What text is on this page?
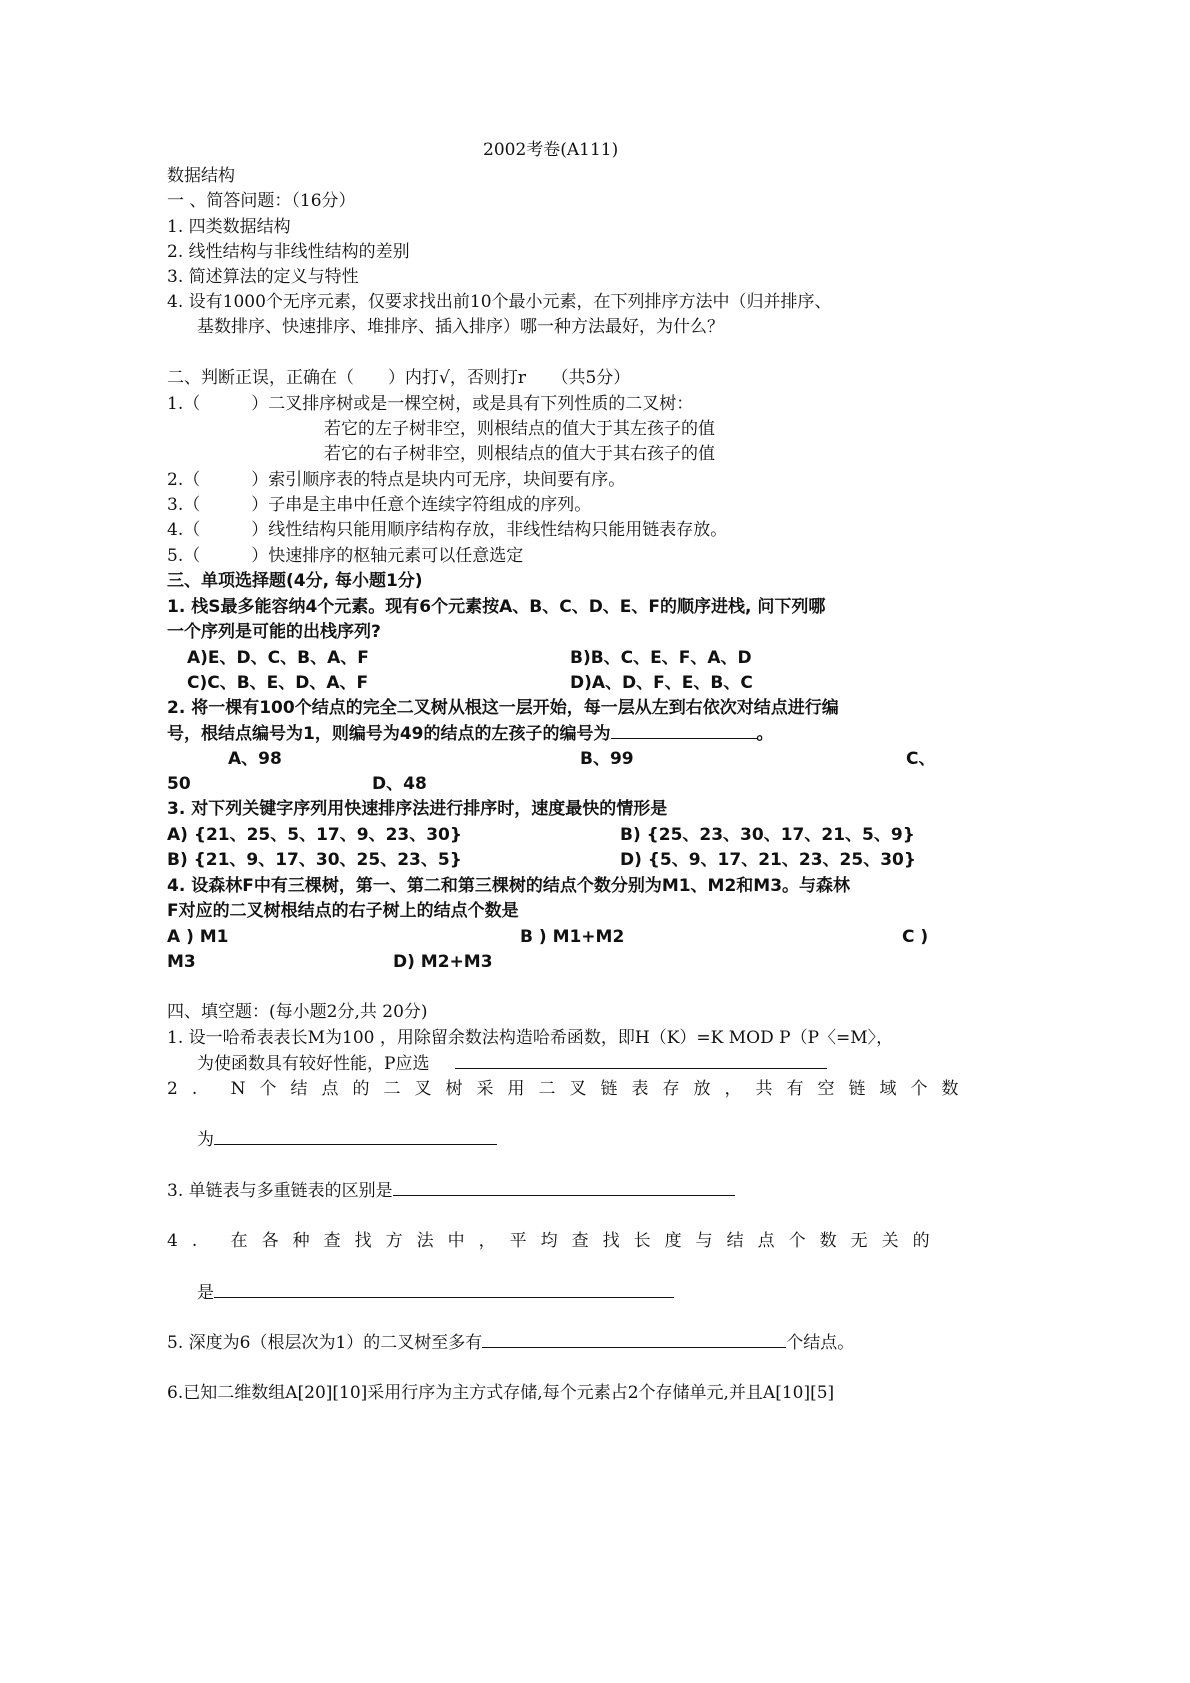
2002考卷(A111)
数据结构
一 、简答问题：（16分）
1. 四类数据结构
2. 线性结构与非线性结构的差别
3. 简述算法的定义与特性
4. 设有1000个无序元素，仅要求找出前10个最小元素，在下列排序方法中（归并排序、
基数排序、快速排序、堆排序、插入排序）哪一种方法最好，为什么？
二、判断正误，正确在（　　）内打√，否则打r　　（共5分）
1.（　　　）二叉排序树或是一棵空树，或是具有下列性质的二叉树：
若它的左子树非空，则根结点的值大于其左孩子的值
若它的右子树非空，则根结点的值大于其右孩子的值
2.（　　　）索引顺序表的特点是块内可无序，块间要有序。
3.（　　　）子串是主串中任意个连续字符组成的序列。
4.（　　　）线性结构只能用顺序结构存放，非线性结构只能用链表存放。
5.（　　　）快速排序的枢轴元素可以任意选定
三、单项选择题(4分, 每小题1分)
1. 栈S最多能容纳4个元素。现有6个元素按A、B、C、D、E、F的顺序进栈, 问下列哪
一个序列是可能的出栈序列?
A)E、D、C、B、A、F	B)B、C、E、F、A、D
C)C、B、E、D、A、F	D)A、D、F、E、B、C
2. 将一棵有100个结点的完全二叉树从根这一层开始，每一层从左到右依次对结点进行编
号，根结点编号为1，则编号为49的结点的左孩子的编号为	。
A、98	B、99	C、
50	D、48
3. 对下列关键字序列用快速排序法进行排序时，速度最快的情形是
A) {21、25、5、17、9、23、30}	B) {25、23、30、17、21、5、9}
B) {21、9、17、30、25、23、5}	D) {5、9、17、21、23、25、30}
4. 设森林F中有三棵树，第一、第二和第三棵树的结点个数分别为M1、M2和M3。与森林
F对应的二叉树根结点的右子树上的结点个数是
A ) M1	B ) M1+M2	C )
M3	D) M2+M3
四、填空题：(每小题2分,共 20分)
1. 设一哈希表表长M为100 ，用除留余数法构造哈希函数，即H（K）=K MOD P（P〈=M〉，
为使函数具有较好性能，P应选
2. N个结点的二叉树采用二叉链表存放，共有空链域个数
为
3. 单链表与多重链表的区别是
4. 在各种查找方法中，平均查找长度与结点个数无关的
是
5. 深度为6（根层次为1）的二叉树至多有	个结点。
6.已知二维数组A[20][10]采用行序为主方式存储,每个元素占2个存储单元,并且A[10][5]
